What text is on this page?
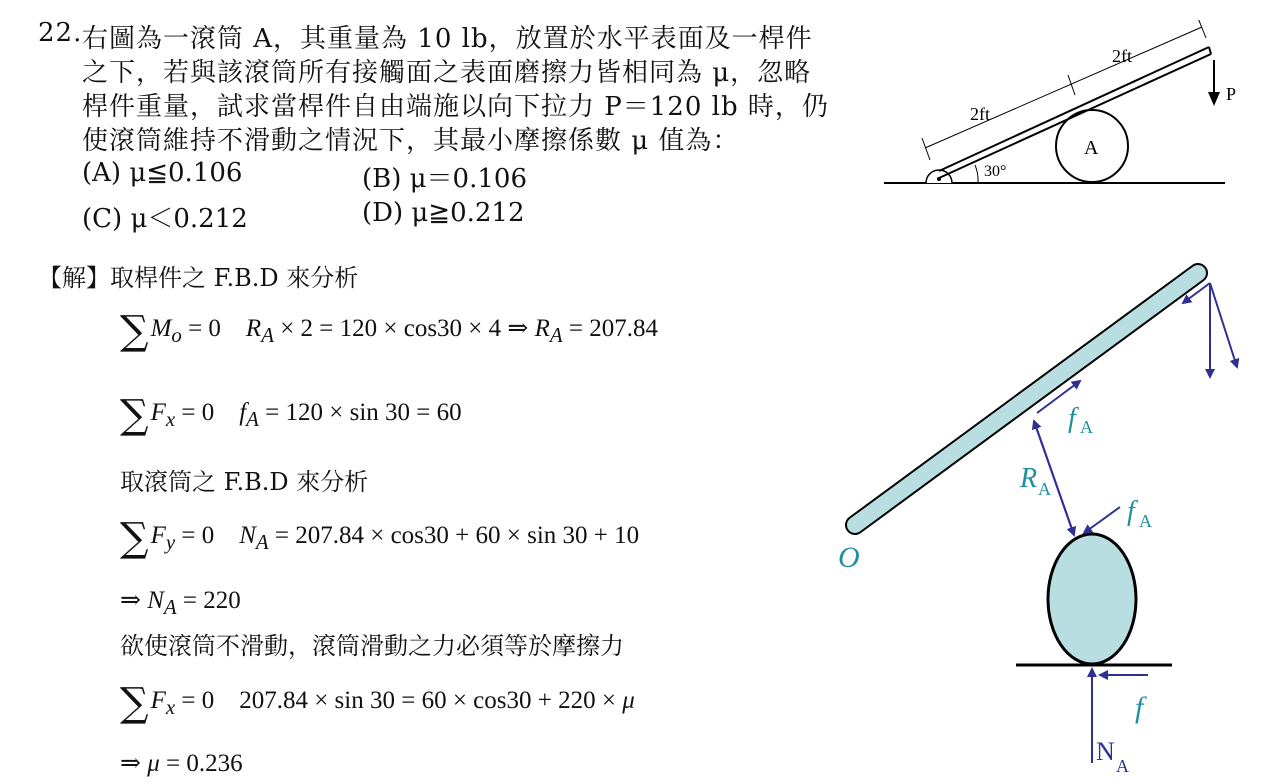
22. 右圖為一滾筒 A，其重量為 10 lb，放置於水平表面及一桿件
之下，若與該滾筒所有接觸面之表面磨擦力皆相同為 μ，忽略
桿件重量，試求當桿件自由端施以向下拉力 P＝120 lb 時，仍
使滾筒維持不滑動之情況下，其最小摩擦係數 μ 值為：
(A) μ≦0.106	(B) μ＝0.106
(C) μ＜0.212	(D) μ≧0.212
A
2ft
2ft
30°
P
【解】取桿件之 F.B.D 來分析
$\sum M_o = 0$    $R_A \times 2 = 120 \times \cos 30 \times 4$ ⇒ $R_A = 207.84$
$\sum F_x = 0$    $f_A = 120 \times \sin 30 = 60$
取滾筒之 F.B.D 來分析
$\sum F_y = 0$    $N_A = 207.84 \times \cos 30 + 60 \times \sin 30 + 10$
⇒ $N_A = 220$
欲使滾筒不滑動，滾筒滑動之力必須等於摩擦力
$\sum F_x = 0$    207.84 × sin 30 = 60 × cos30 + 220 × μ
⇒ μ = 0.236
f A
R A
O
f A
f
N A
